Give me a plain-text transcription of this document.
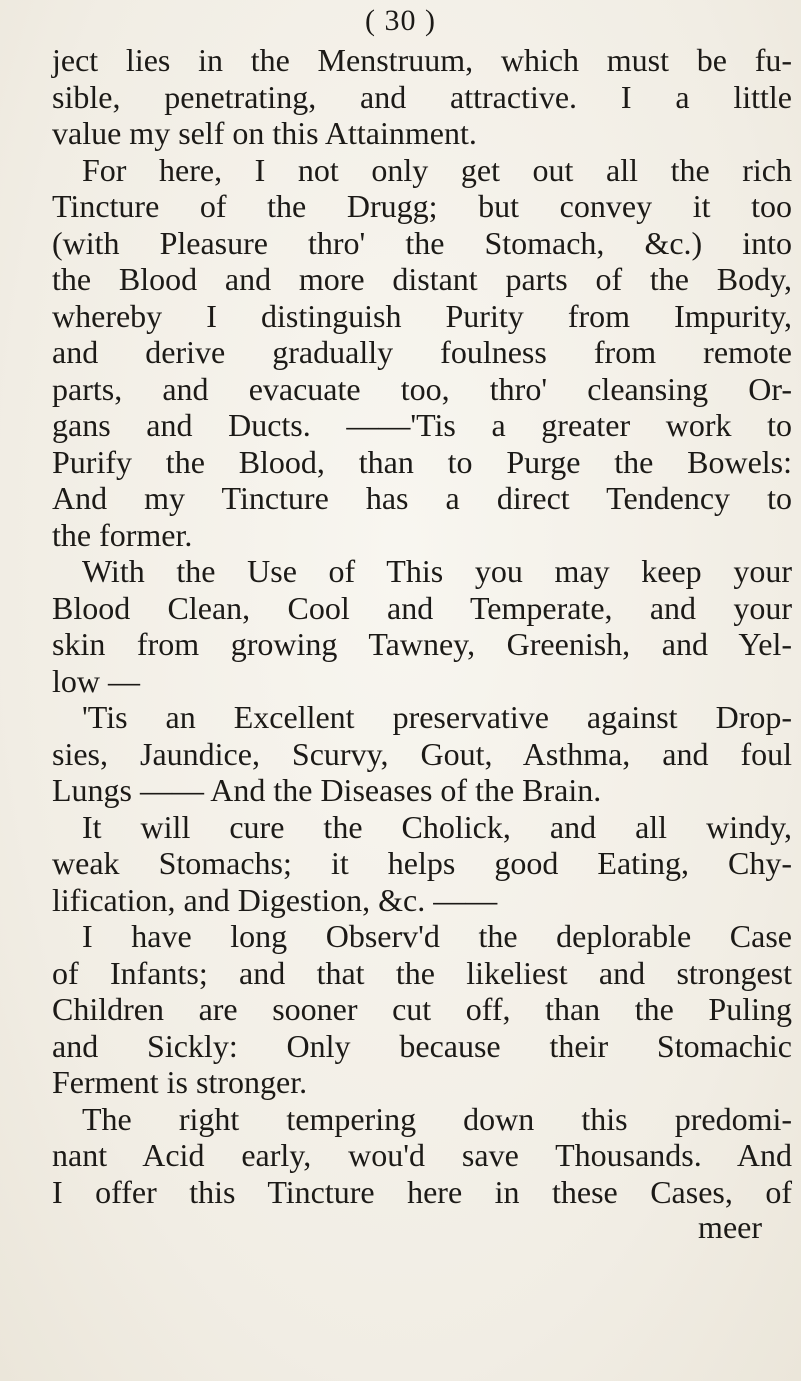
( 30 )
ject lies in the Menstruum, which must be fu-
sible, penetrating, and attractive. I a little
value my self on this Attainment.
For here, I not only get out all the rich
Tincture of the Drugg; but convey it too
(with Pleasure thro' the Stomach, &c.) into
the Blood and more distant parts of the Body,
whereby I distinguish Purity from Impurity,
and derive gradually foulness from remote
parts, and evacuate too, thro' cleansing Or-
gans and Ducts. ——'Tis a greater work to
Purify the Blood, than to Purge the Bowels:
And my Tincture has a direct Tendency to
the former.
With the Use of This you may keep your
Blood Clean, Cool and Temperate, and your
skin from growing Tawney, Greenish, and Yel-
low —
'Tis an Excellent preservative against Drop-
sies, Jaundice, Scurvy, Gout, Asthma, and foul
Lungs —— And the Diseases of the Brain.
It will cure the Cholick, and all windy,
weak Stomachs; it helps good Eating, Chy-
lification, and Digestion, &c. ——
I have long Observ'd the deplorable Case
of Infants; and that the likeliest and strongest
Children are sooner cut off, than the Puling
and Sickly: Only because their Stomachic
Ferment is stronger.
The right tempering down this predomi-
nant Acid early, wou'd save Thousands. And
I offer this Tincture here in these Cases, of
meer
